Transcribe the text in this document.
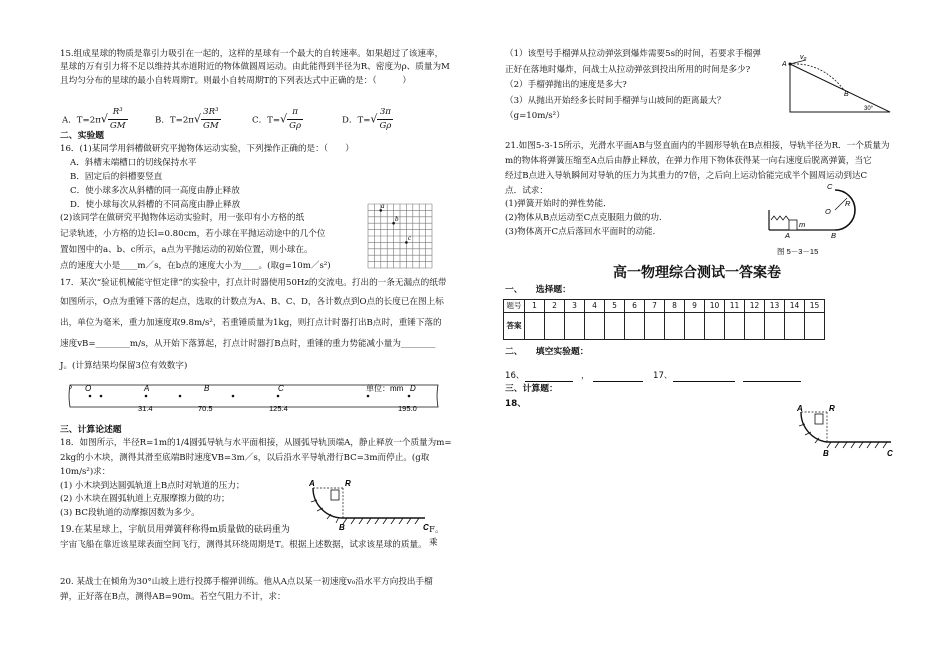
15.组成星球的物质是靠引力吸引在一起的，这样的星球有一个最大的自转速率。如果超过了该速率，星球的万有引力将不足以维持其赤道附近的物体做圆周运动。由此能得到半径为R、密度为ρ、质量为M且均匀分布的星球的最小自转周期T。则最小自转周期T的下列表达式中正确的是：（　　　）

A．$T=2\pi√ \frac{\text{R³}}{GM}$	B．$T=2\pi√ \frac{\text{3R³}}{GM}$	C．$T=√ \frac{\pi}{G\rho}$	D．$T=√ \frac{3\pi}{G\rho}$

二、实验题

16．(1)某同学用斜槽做研究平抛物体运动实验，下列操作正确的是：（　　）

A．斜槽末端槽口的切线保持水平

B．固定后的斜槽要竖直

C．使小球多次从斜槽的同一高度由静止释放

D．使小球每次从斜槽的不同高度由静止释放

(2)该同学在做研究平抛物体运动实验时，用一张印有小方格的纸

记录轨迹，小方格的边长l=0.80cm，若小球在平抛运动途中的几个位

置如图中的a、b、c所示，a点为平抛运动的初始位置，则小球在。

点的速度大小是____m／s，在b点的速度大小为____。(取g=10m／s²)

a
b
c

17．某次“验证机械能守恒定律”的实验中，打点计时器使用50Hz的交流电。打出的一条无漏点的纸带

如图所示，O点为重锤下落的起点，选取的计数点为A、B、C、D，各计数点到O点的长度已在图上标

出，单位为毫米，重力加速度取9.8m/s²，若重锤质量为1kg，则打点计时器打出B点时，重锤下落的

速度vB=________m/s，从开始下落算起，打点计时器打B点时，重锤的重力势能减小量为________

J。(计算结果均保留3位有效数字)

O	A	B	C	D
单位：mm
31.4	70.5	125.4	195.0

三、计算论述题

18．如图所示，半径R=1m的1/4圆弧导轨与水平面相接，从圆弧导轨顶端A，静止释放一个质量为m=

2kg的小木块，测得其滑至底端B时速度VB=3m／s，以后沿水平导轨滑行BC=3m而停止。(g取

10m/s²)求：

(1) 小木块到达圆弧轨道上B点时对轨道的压力；

(2) 小木块在圆弧轨道上克服摩擦力做的功；

(3) BC段轨道的动摩擦因数为多少。

A	R
B	C

19.在某星球上，宇航员用弹簧秤称得m质量做的砝码重为	F。乘

宇宙飞船在靠近该星球表面空间飞行，测得其环绕周期是T。根据上述数据，试求该星球的质量。

20. 某战士在倾角为30°山坡上进行投掷手榴弹训练。他从A点以某一初速度v₀沿水平方向投出手榴

弹，正好落在B点，测得AB=90m。若空气阻力不计，求：

（1）该型号手榴弹从拉动弹弦到爆炸需要5s的时间，若要求手榴弹

正好在落地时爆炸，问战士从拉动弹弦到投出所用的时间是多少?

（2）手榴弹抛出的速度是多大?

（3）从抛出开始经多长时间手榴弹与山坡间的距离最大？

（g=10m/s²）

A
B
v₀
30°

21.如图5-3-15所示，光滑水平面AB与竖直面内的半圆形导轨在B点相接，导轨半径为R．一个质量为

m的物体将弹簧压缩至A点后由静止释放，在弹力作用下物体获得某一向右速度后脱离弹簧，当它

经过B点进入导轨瞬间对导轨的压力为其重力的7倍，之后向上运动恰能完成半个圆周运动到达C

点．试求：

(1)弹簧开始时的弹性势能．

(2)物体从B点运动至C点克服阻力做的功．

(3)物体离开C点后落回水平面时的动能．

C
R
O
m
A	B
图 5－3－15

高一物理综合测试一答案卷

一、　　选择题：

题号	1	2	3	4	5	6	7	8	9	10	11	12	13	14	15
答案															

二、　　填空实验题：

16、	，	17、

三、计算题：

18、	A	R
B	C
